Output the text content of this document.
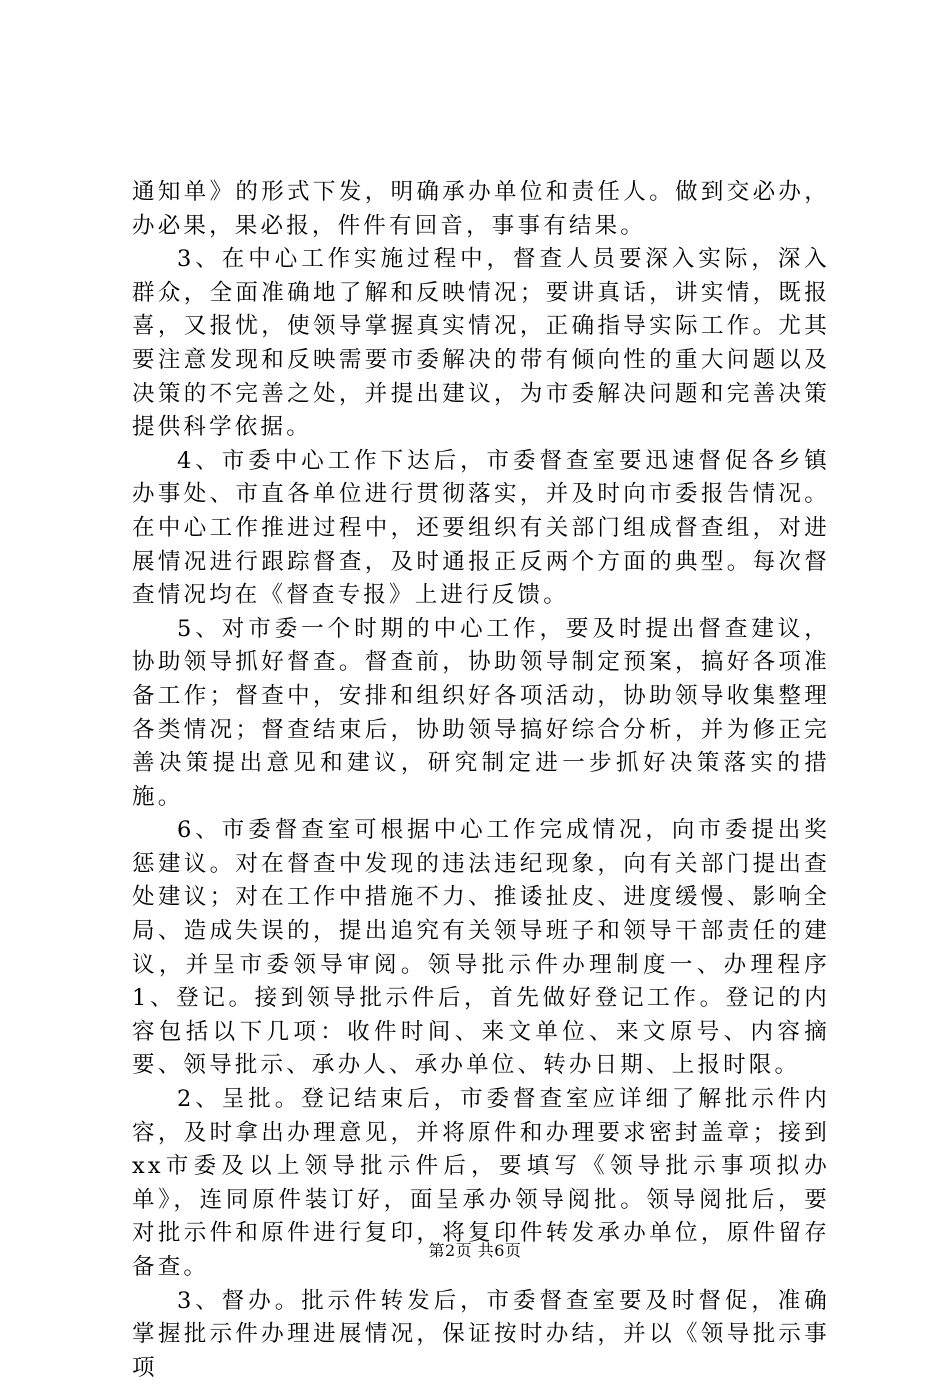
通知单》的形式下发，明确承办单位和责任人。做到交必办，办必果，果必报，件件有回音，事事有结果。

3、在中心工作实施过程中，督查人员要深入实际，深入群众，全面准确地了解和反映情况；要讲真话，讲实情，既报喜，又报忧，使领导掌握真实情况，正确指导实际工作。尤其要注意发现和反映需要市委解决的带有倾向性的重大问题以及决策的不完善之处，并提出建议，为市委解决问题和完善决策提供科学依据。

4、市委中心工作下达后，市委督查室要迅速督促各乡镇办事处、市直各单位进行贯彻落实，并及时向市委报告情况。在中心工作推进过程中，还要组织有关部门组成督查组，对进展情况进行跟踪督查，及时通报正反两个方面的典型。每次督查情况均在《督查专报》上进行反馈。

5、对市委一个时期的中心工作，要及时提出督查建议，协助领导抓好督查。督查前，协助领导制定预案，搞好各项准备工作；督查中，安排和组织好各项活动，协助领导收集整理各类情况；督查结束后，协助领导搞好综合分析，并为修正完善决策提出意见和建议，研究制定进一步抓好决策落实的措施。

6、市委督查室可根据中心工作完成情况，向市委提出奖惩建议。对在督查中发现的违法违纪现象，向有关部门提出查处建议；对在工作中措施不力、推诿扯皮、进度缓慢、影响全局、造成失误的，提出追究有关领导班子和领导干部责任的建议，并呈市委领导审阅。领导批示件办理制度一、办理程序1、登记。接到领导批示件后，首先做好登记工作。登记的内容包括以下几项：收件时间、来文单位、来文原号、内容摘要、领导批示、承办人、承办单位、转办日期、上报时限。

2、呈批。登记结束后，市委督查室应详细了解批示件内容，及时拿出办理意见，并将原件和办理要求密封盖章；接到xx市委及以上领导批示件后，要填写《领导批示事项拟办单》，连同原件装订好，面呈承办领导阅批。领导阅批后，要对批示件和原件进行复印，将复印件转发承办单位，原件留存备查。

3、督办。批示件转发后，市委督查室要及时督促，准确掌握批示件办理进展情况，保证按时办结，并以《领导批示事项

第2页 共6页
